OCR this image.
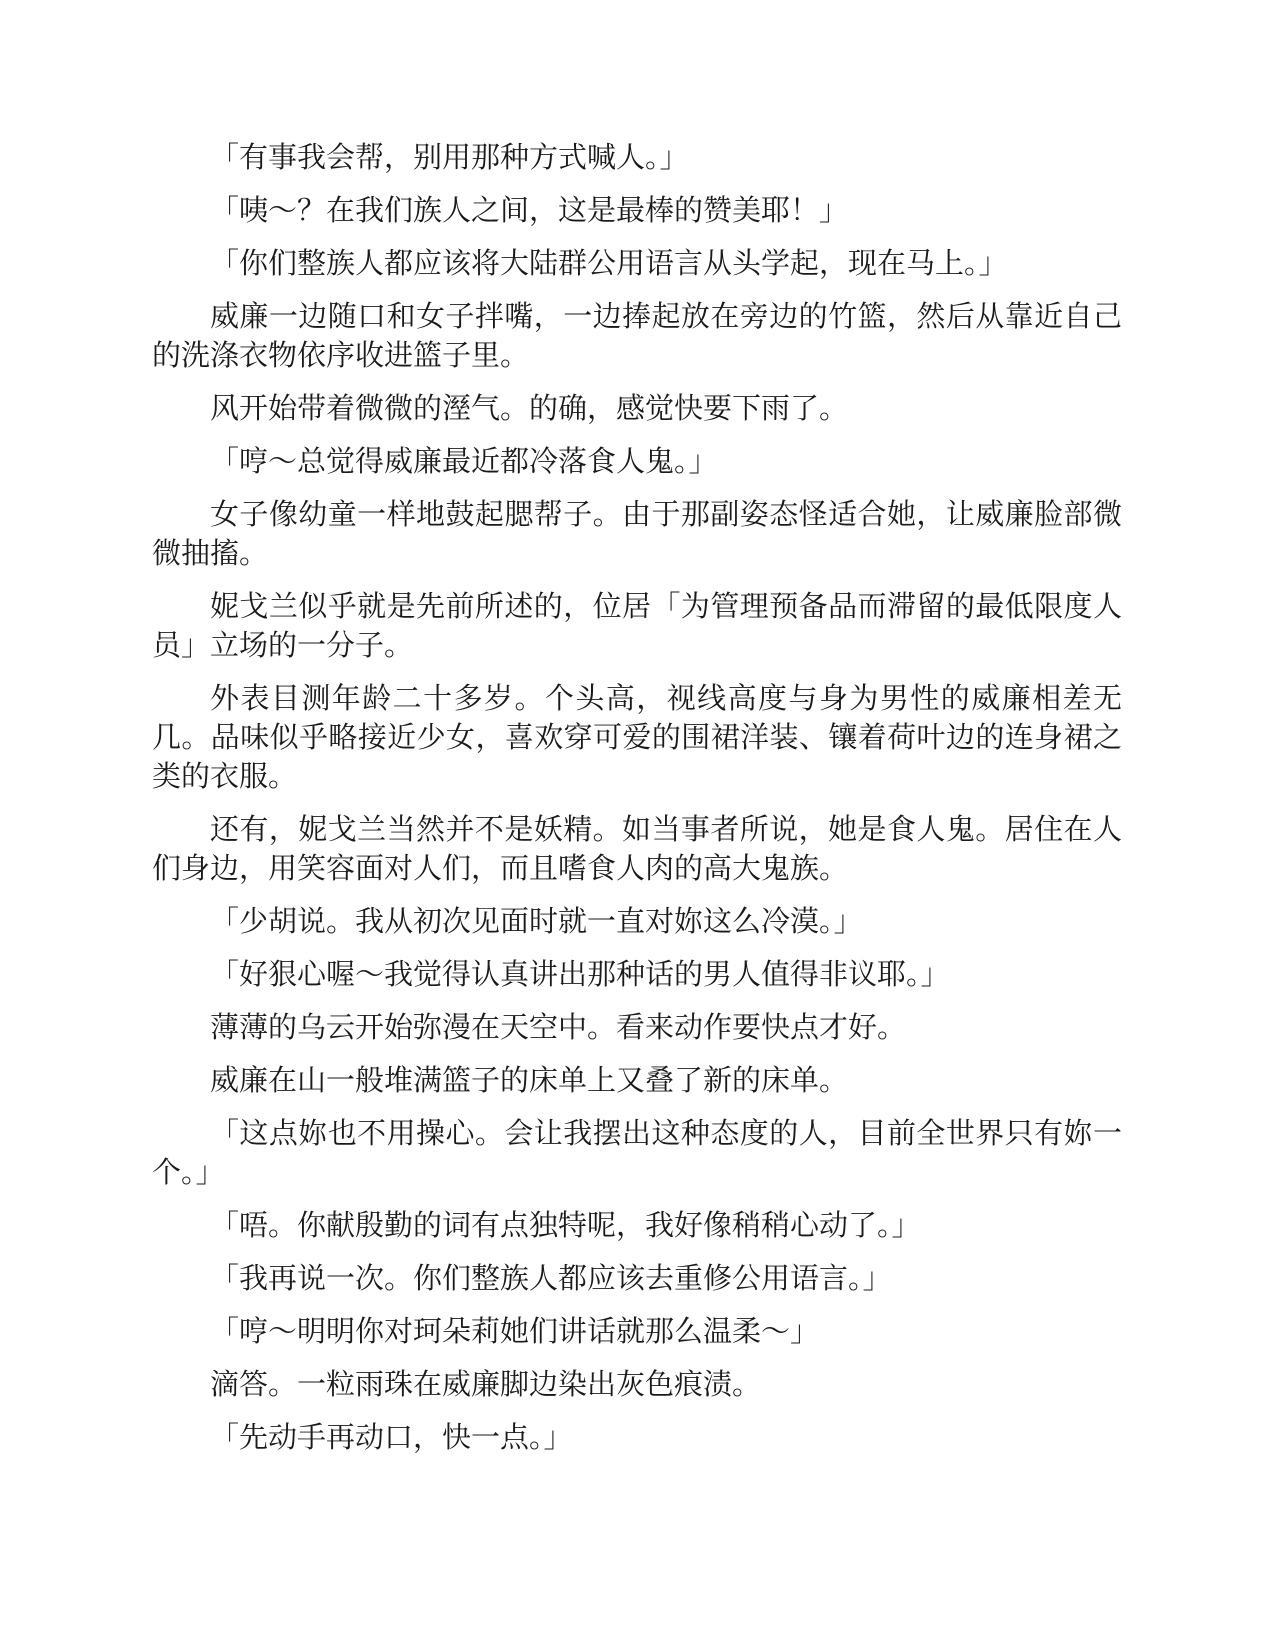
「有事我会帮，别用那种方式喊人。」

「咦～？在我们族人之间，这是最棒的赞美耶！」

「你们整族人都应该将大陆群公用语言从头学起，现在马上。」

威廉一边随口和女子拌嘴，一边捧起放在旁边的竹篮，然后从靠近自己的洗涤衣物依序收进篮子里。

风开始带着微微的溼气。的确，感觉快要下雨了。

「哼～总觉得威廉最近都冷落食人鬼。」

女子像幼童一样地鼓起腮帮子。由于那副姿态怪适合她，让威廉脸部微微抽搐。

妮戈兰似乎就是先前所述的，位居「为管理预备品而滞留的最低限度人员」立场的一分子。

外表目测年龄二十多岁。个头高，视线高度与身为男性的威廉相差无几。品味似乎略接近少女，喜欢穿可爱的围裙洋装、镶着荷叶边的连身裙之类的衣服。

还有，妮戈兰当然并不是妖精。如当事者所说，她是食人鬼。居住在人们身边，用笑容面对人们，而且嗜食人肉的高大鬼族。

「少胡说。我从初次见面时就一直对妳这么冷漠。」

「好狠心喔～我觉得认真讲出那种话的男人值得非议耶。」

薄薄的乌云开始弥漫在天空中。看来动作要快点才好。

威廉在山一般堆满篮子的床单上又叠了新的床单。

「这点妳也不用操心。会让我摆出这种态度的人，目前全世界只有妳一个。」

「唔。你献殷勤的词有点独特呢，我好像稍稍心动了。」

「我再说一次。你们整族人都应该去重修公用语言。」

「哼～明明你对珂朵莉她们讲话就那么温柔～」

滴答。一粒雨珠在威廉脚边染出灰色痕渍。

「先动手再动口，快一点。」
